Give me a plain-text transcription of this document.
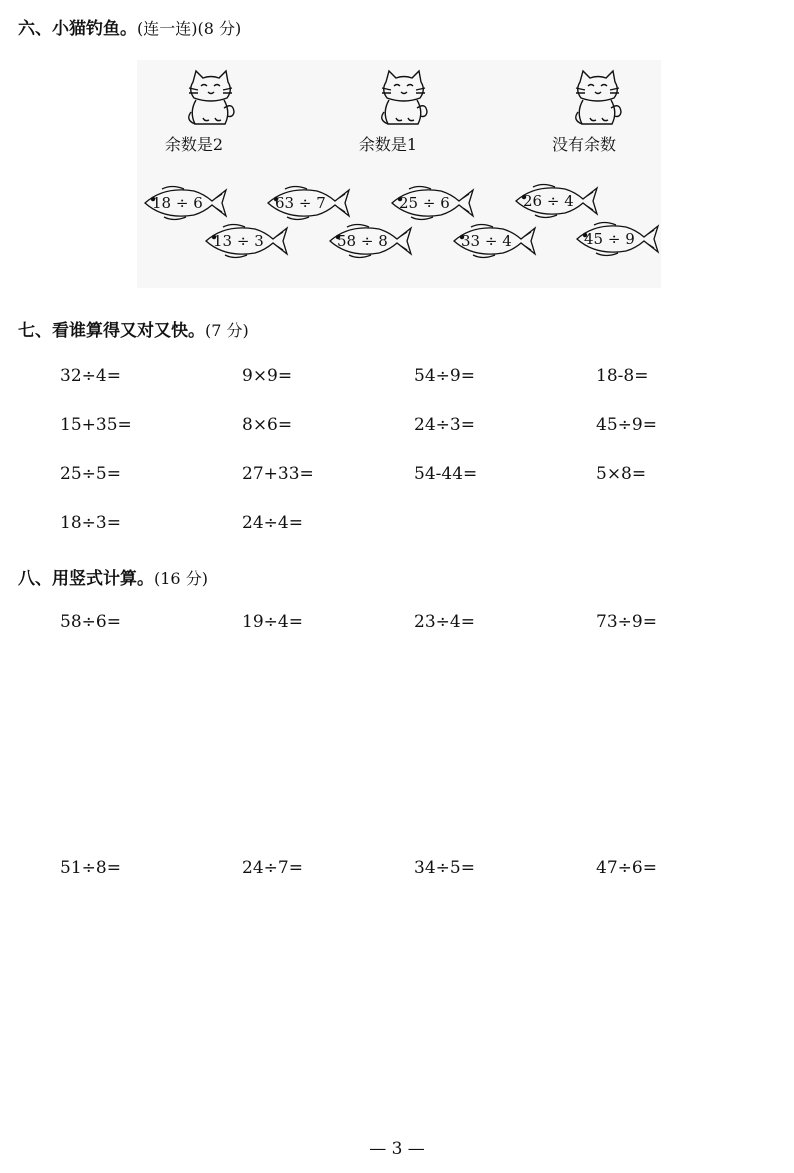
六、小猫钓鱼。(连一连)(8 分)
余数是2	余数是1	没有余数
18 ÷ 6	63 ÷ 7	25 ÷ 6	26 ÷ 4
13 ÷ 3	58 ÷ 8	33 ÷ 4	45 ÷ 9
七、看谁算得又对又快。(7 分)
32÷4=	9×9=	54÷9=	18-8=
15+35=	8×6=	24÷3=	45÷9=
25÷5=	27+33=	54-44=	5×8=
18÷3=	24÷4=
八、用竖式计算。(16 分)
58÷6=	19÷4=	23÷4=	73÷9=
51÷8=	24÷7=	34÷5=	47÷6=
— 3 —
